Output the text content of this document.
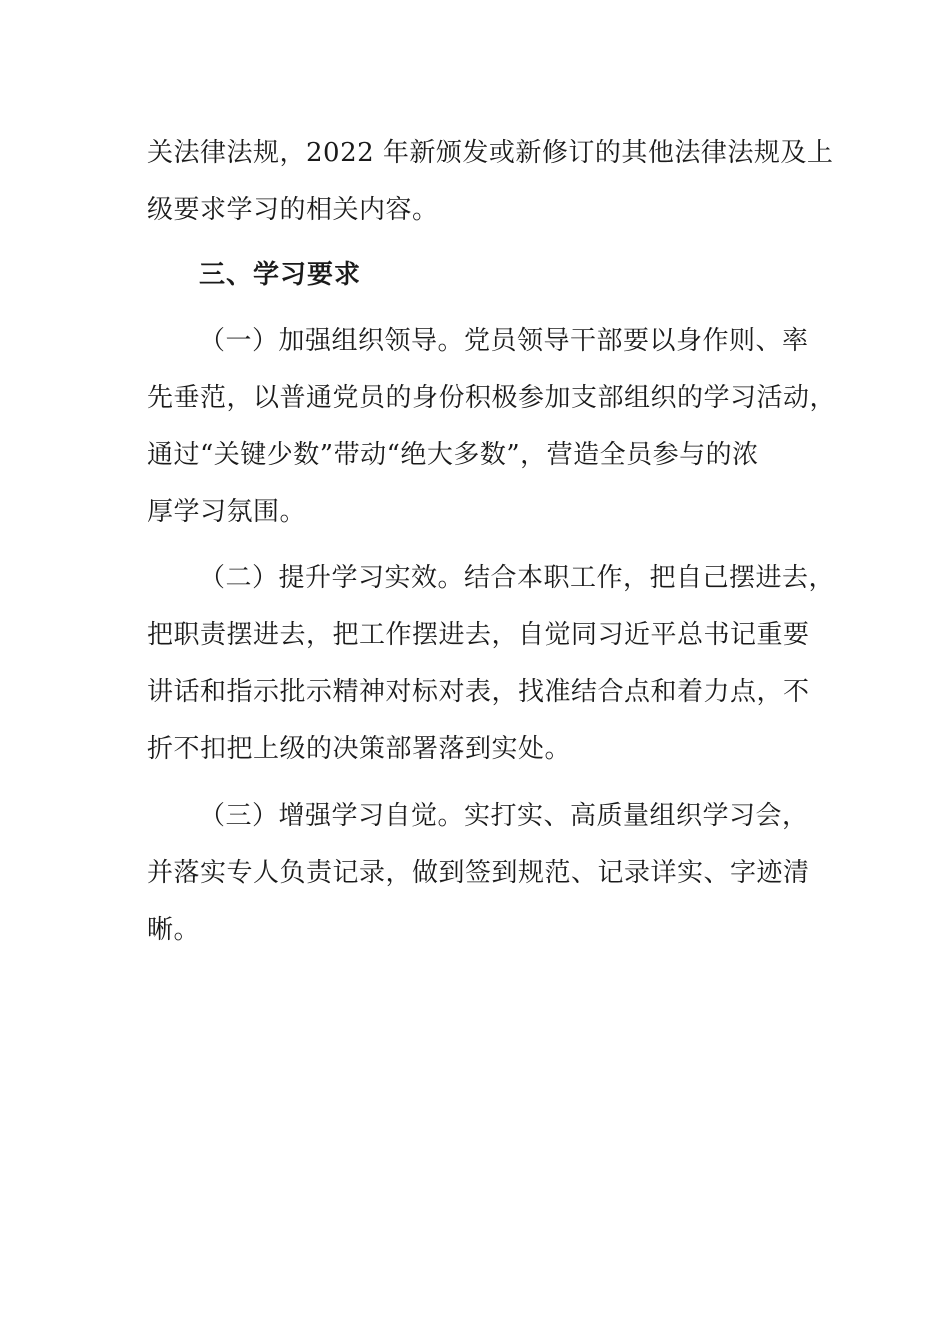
关法律法规，2022 年新颁发或新修订的其他法律法规及上
级要求学习的相关内容。
三、学习要求
（一）加强组织领导。党员领导干部要以身作则、率
先垂范，以普通党员的身份积极参加支部组织的学习活动，
通过“关键少数”带动“绝大多数”，营造全员参与的浓
厚学习氛围。
（二）提升学习实效。结合本职工作，把自己摆进去，
把职责摆进去，把工作摆进去，自觉同习近平总书记重要
讲话和指示批示精神对标对表，找准结合点和着力点，不
折不扣把上级的决策部署落到实处。
（三）增强学习自觉。实打实、高质量组织学习会，
并落实专人负责记录，做到签到规范、记录详实、字迹清
晰。
